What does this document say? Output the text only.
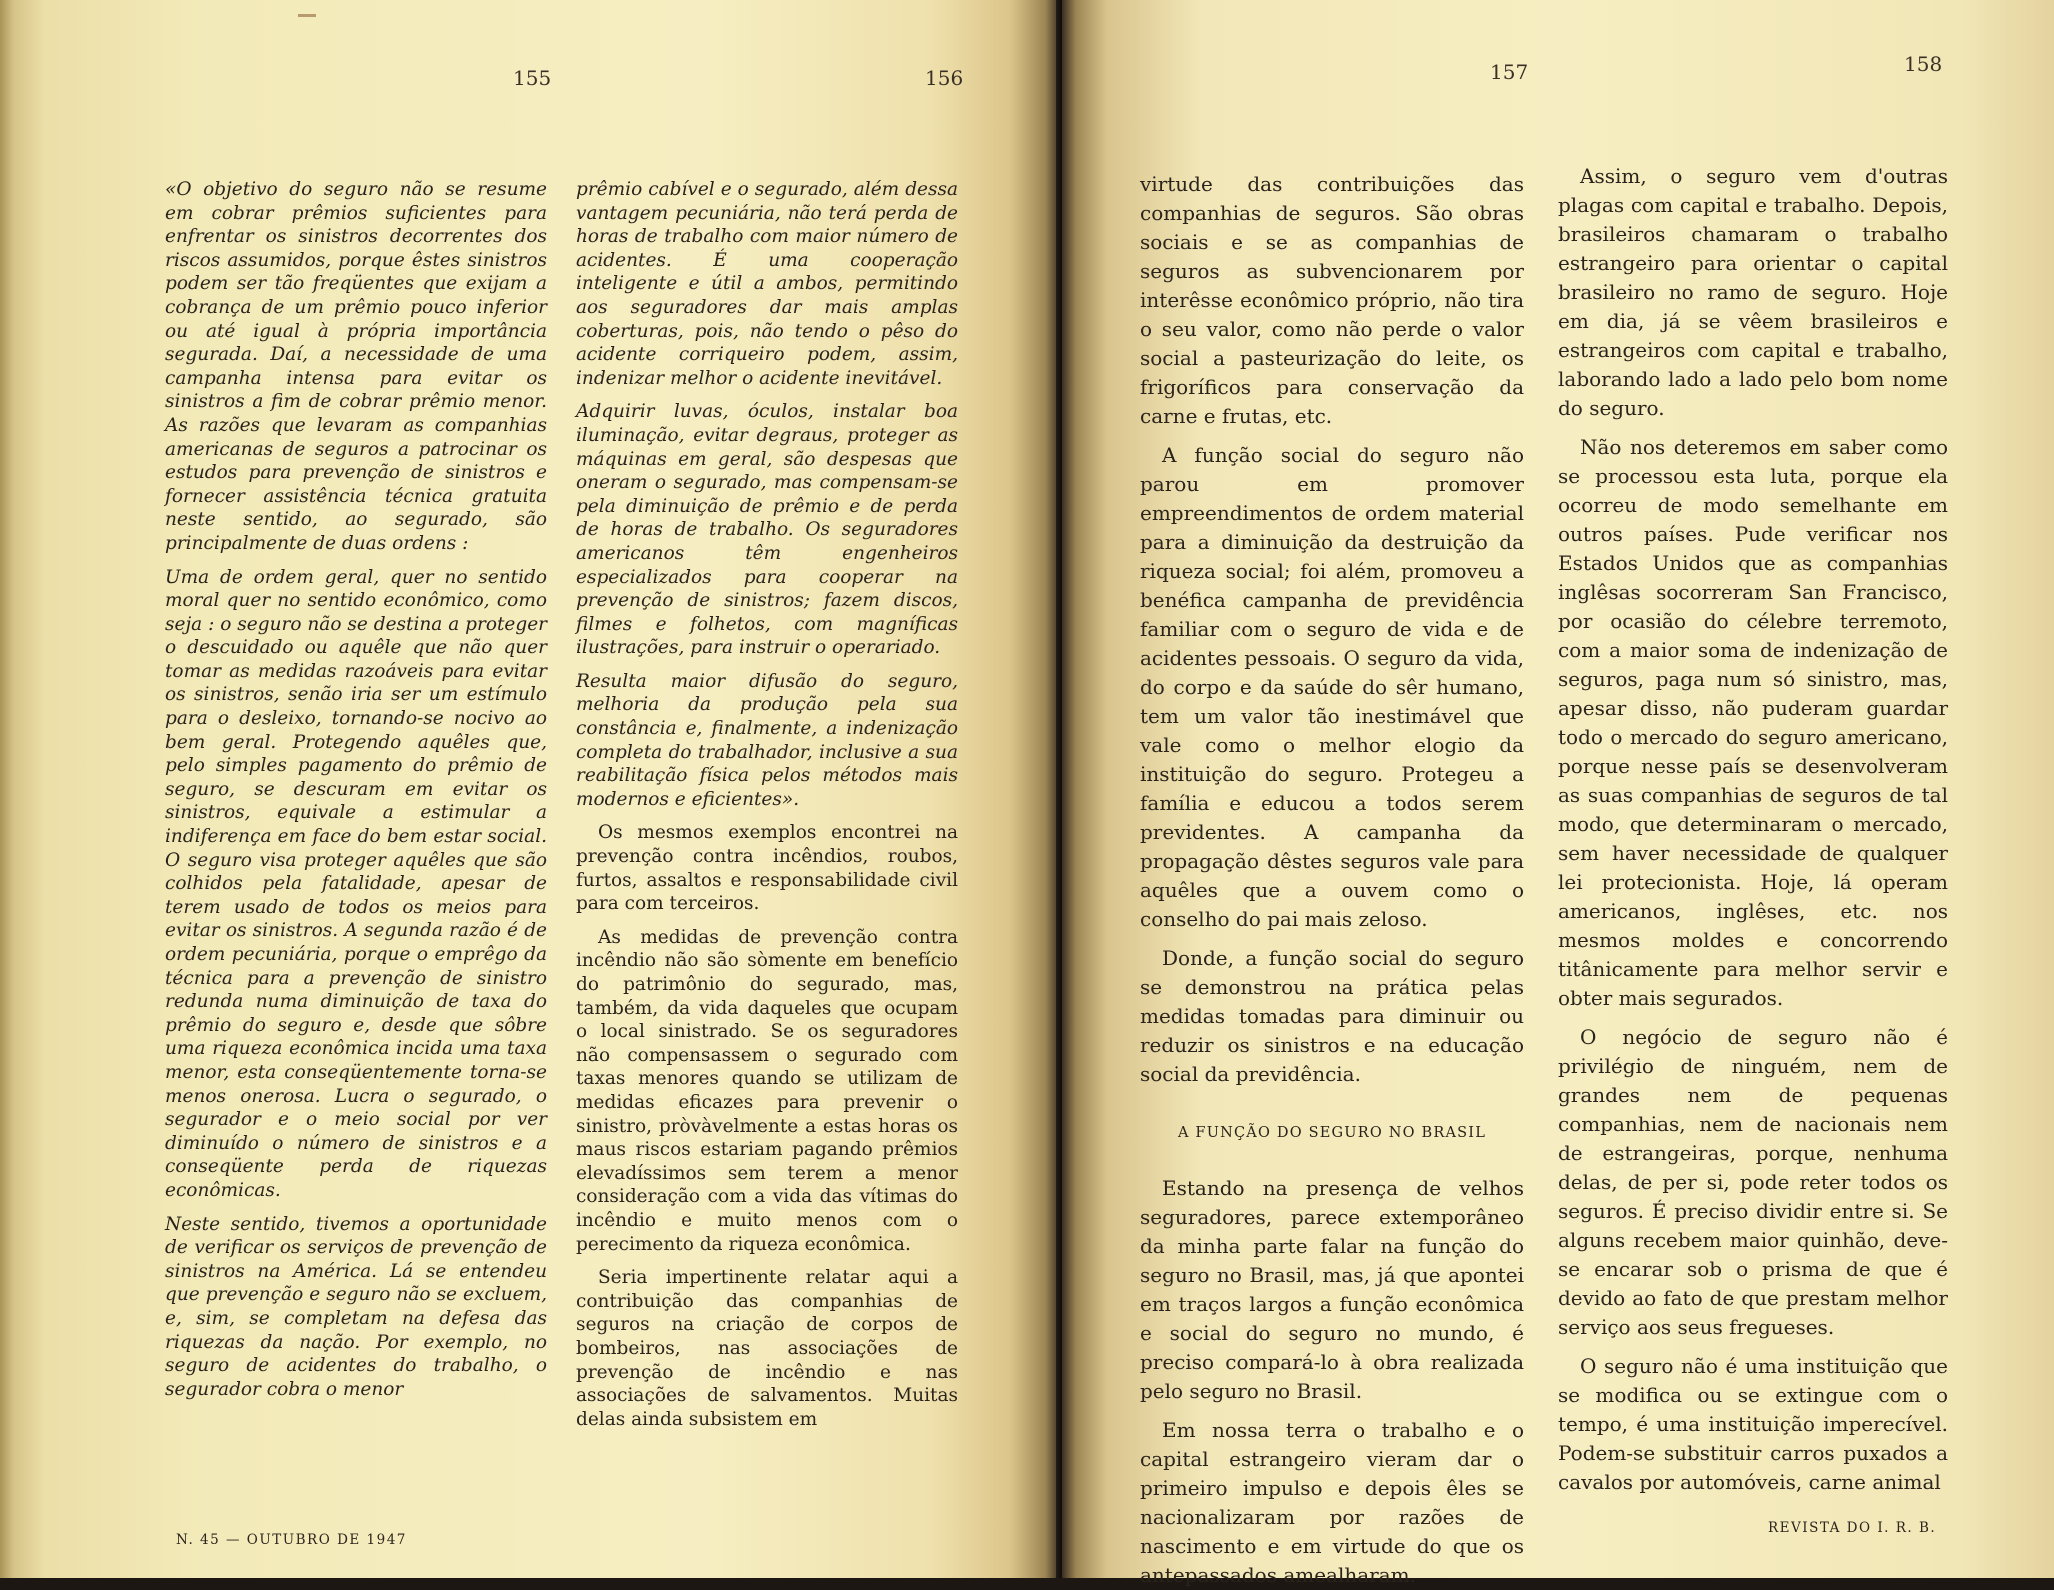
155	156

«O objetivo do seguro não se resume em cobrar prêmios suficientes para enfrentar os sinistros decorrentes dos riscos assumidos, porque êstes sinistros podem ser tão freqüentes que exijam a cobrança de um prêmio pouco inferior ou até igual à própria importância segurada. Daí, a necessidade de uma campanha intensa para evitar os sinistros a fim de cobrar prêmio menor. As razões que levaram as companhias americanas de seguros a patrocinar os estudos para prevenção de sinistros e fornecer assistência técnica gratuita neste sentido, ao segurado, são principalmente de duas ordens :

Uma de ordem geral, quer no sentido moral quer no sentido econômico, como seja : o seguro não se destina a proteger o descuidado ou aquêle que não quer tomar as medidas razoáveis para evitar os sinistros, senão iria ser um estímulo para o desleixo, tornando-se nocivo ao bem geral. Protegendo aquêles que, pelo simples pagamento do prêmio de seguro, se descuram em evitar os sinistros, equivale a estimular a indiferença em face do bem estar social. O seguro visa proteger aquêles que são colhidos pela fatalidade, apesar de terem usado de todos os meios para evitar os sinistros. A segunda razão é de ordem pecuniária, porque o emprêgo da técnica para a prevenção de sinistro redunda numa diminuição de taxa do prêmio do seguro e, desde que sôbre uma riqueza econômica incida uma taxa menor, esta conseqüentemente torna-se menos onerosa. Lucra o segurado, o segurador e o meio social por ver diminuído o número de sinistros e a conseqüente perda de riquezas econômicas.

Neste sentido, tivemos a oportunidade de verificar os serviços de prevenção de sinistros na América. Lá se entendeu que prevenção e seguro não se excluem, e, sim, se completam na defesa das riquezas da nação. Por exemplo, no seguro de acidentes do trabalho, o segurador cobra o menor

prêmio cabível e o segurado, além dessa vantagem pecuniária, não terá perda de horas de trabalho com maior número de acidentes. É uma cooperação inteligente e útil a ambos, permitindo aos seguradores dar mais amplas coberturas, pois, não tendo o pêso do acidente corriqueiro podem, assim, indenizar melhor o acidente inevitável.

Adquirir luvas, óculos, instalar boa iluminação, evitar degraus, proteger as máquinas em geral, são despesas que oneram o segurado, mas compensam-se pela diminuição de prêmio e de perda de horas de trabalho. Os seguradores americanos têm engenheiros especializados para cooperar na prevenção de sinistros; fazem discos, filmes e folhetos, com magníficas ilustrações, para instruir o operariado.

Resulta maior difusão do seguro, melhoria da produção pela sua constância e, finalmente, a indenização completa do trabalhador, inclusive a sua reabilitação física pelos métodos mais modernos e eficientes».

Os mesmos exemplos encontrei na prevenção contra incêndios, roubos, furtos, assaltos e responsabilidade civil para com terceiros.

As medidas de prevenção contra incêndio não são sòmente em benefício do patrimônio do segurado, mas, também, da vida daqueles que ocupam o local sinistrado. Se os seguradores não compensassem o segurado com taxas menores quando se utilizam de medidas eficazes para prevenir o sinistro, pròvàvelmente a estas horas os maus riscos estariam pagando prêmios elevadíssimos sem terem a menor consideração com a vida das vítimas do incêndio e muito menos com o perecimento da riqueza econômica.

Seria impertinente relatar aqui a contribuição das companhias de seguros na criação de corpos de bombeiros, nas associações de prevenção de incêndio e nas associações de salvamentos. Muitas delas ainda subsistem em

N. 45 — OUTUBRO DE 1947
157	158

virtude das contribuições das companhias de seguros. São obras sociais e se as companhias de seguros as subvencionarem por interêsse econômico próprio, não tira o seu valor, como não perde o valor social a pasteurização do leite, os frigoríficos para conservação da carne e frutas, etc.

A função social do seguro não parou em promover empreendimentos de ordem material para a diminuição da destruição da riqueza social; foi além, promoveu a benéfica campanha de previdência familiar com o seguro de vida e de acidentes pessoais. O seguro da vida, do corpo e da saúde do sêr humano, tem um valor tão inestimável que vale como o melhor elogio da instituição do seguro. Protegeu a família e educou a todos serem previdentes. A campanha da propagação dêstes seguros vale para aquêles que a ouvem como o conselho do pai mais zeloso.

Donde, a função social do seguro se demonstrou na prática pelas medidas tomadas para diminuir ou reduzir os sinistros e na educação social da previdência.

A FUNÇÃO DO SEGURO NO BRASIL

Estando na presença de velhos seguradores, parece extemporâneo da minha parte falar na função do seguro no Brasil, mas, já que apontei em traços largos a função econômica e social do seguro no mundo, é preciso compará-lo à obra realizada pelo seguro no Brasil.

Em nossa terra o trabalho e o capital estrangeiro vieram dar o primeiro impulso e depois êles se nacionalizaram por razões de nascimento e em virtude do que os antepassados amealharam.

Assim, o seguro vem d'outras plagas com capital e trabalho. Depois, brasileiros chamaram o trabalho estrangeiro para orientar o capital brasileiro no ramo de seguro. Hoje em dia, já se vêem brasileiros e estrangeiros com capital e trabalho, laborando lado a lado pelo bom nome do seguro.

Não nos deteremos em saber como se processou esta luta, porque ela ocorreu de modo semelhante em outros países. Pude verificar nos Estados Unidos que as companhias inglêsas socorreram San Francisco, por ocasião do célebre terremoto, com a maior soma de indenização de seguros, paga num só sinistro, mas, apesar disso, não puderam guardar todo o mercado do seguro americano, porque nesse país se desenvolveram as suas companhias de seguros de tal modo, que determinaram o mercado, sem haver necessidade de qualquer lei protecionista. Hoje, lá operam americanos, inglêses, etc. nos mesmos moldes e concorrendo titânicamente para melhor servir e obter mais segurados.

O negócio de seguro não é privilégio de ninguém, nem de grandes nem de pequenas companhias, nem de nacionais nem de estrangeiras, porque, nenhuma delas, de per si, pode reter todos os seguros. É preciso dividir entre si. Se alguns recebem maior quinhão, deve-se encarar sob o prisma de que é devido ao fato de que prestam melhor serviço aos seus fregueses.

O seguro não é uma instituição que se modifica ou se extingue com o tempo, é uma instituição imperecível. Podem-se substituir carros puxados a cavalos por automóveis, carne animal

REVISTA DO I. R. B.
